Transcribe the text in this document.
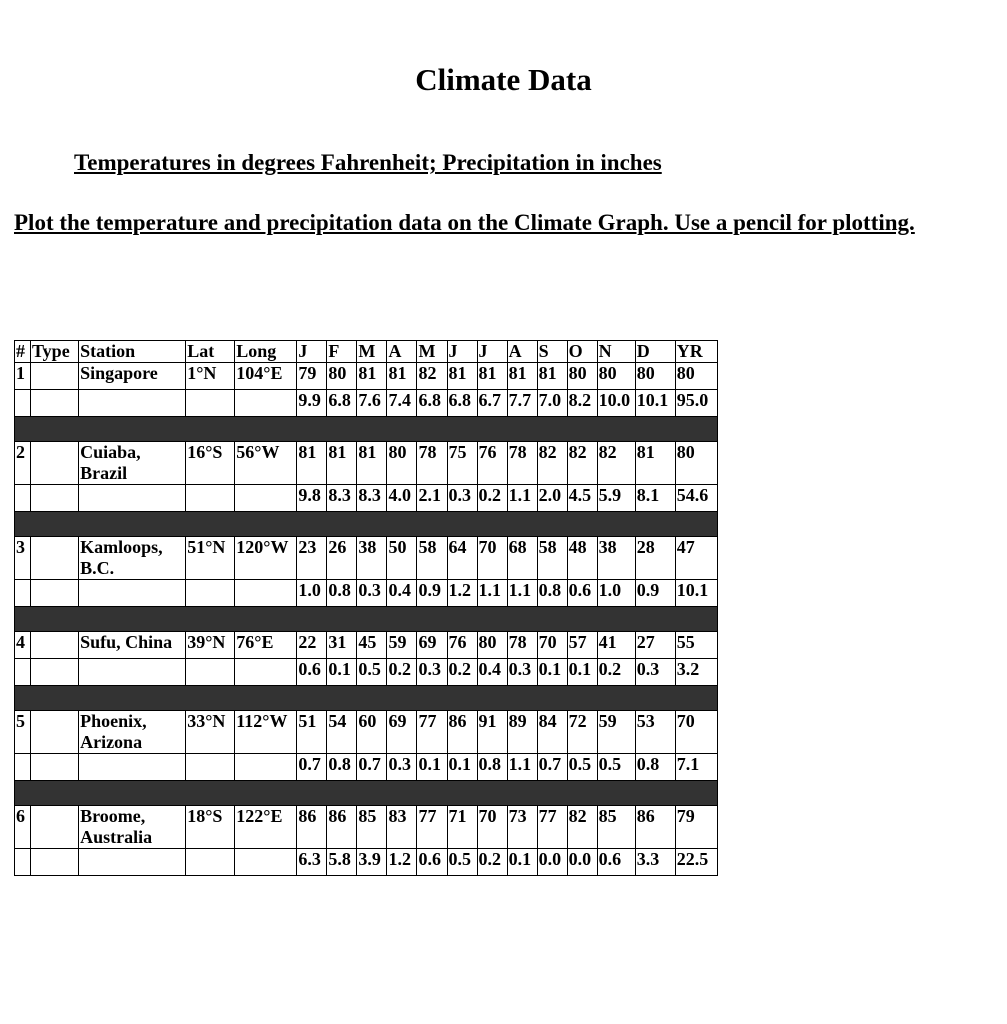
Climate Data

Temperatures in degrees Fahrenheit; Precipitation in inches

Plot the temperature and precipitation data on the Climate Graph. Use a pencil for plotting.

#	Type	Station	Lat	Long	J	F	M	A	M	J	J	A	S	O	N	D	YR
1		Singapore	1°N	104°E	79	80	81	81	82	81	81	81	81	80	80	80	80
					9.9	6.8	7.6	7.4	6.8	6.8	6.7	7.7	7.0	8.2	10.0	10.1	95.0

2		Cuiaba, Brazil	16°S	56°W	81	81	81	80	78	75	76	78	82	82	82	81	80
					9.8	8.3	8.3	4.0	2.1	0.3	0.2	1.1	2.0	4.5	5.9	8.1	54.6

3		Kamloops, B.C.	51°N	120°W	23	26	38	50	58	64	70	68	58	48	38	28	47
					1.0	0.8	0.3	0.4	0.9	1.2	1.1	1.1	0.8	0.6	1.0	0.9	10.1

4		Sufu, China	39°N	76°E	22	31	45	59	69	76	80	78	70	57	41	27	55
					0.6	0.1	0.5	0.2	0.3	0.2	0.4	0.3	0.1	0.1	0.2	0.3	3.2

5		Phoenix, Arizona	33°N	112°W	51	54	60	69	77	86	91	89	84	72	59	53	70
					0.7	0.8	0.7	0.3	0.1	0.1	0.8	1.1	0.7	0.5	0.5	0.8	7.1

6		Broome, Australia	18°S	122°E	86	86	85	83	77	71	70	73	77	82	85	86	79
					6.3	5.8	3.9	1.2	0.6	0.5	0.2	0.1	0.0	0.0	0.6	3.3	22.5
